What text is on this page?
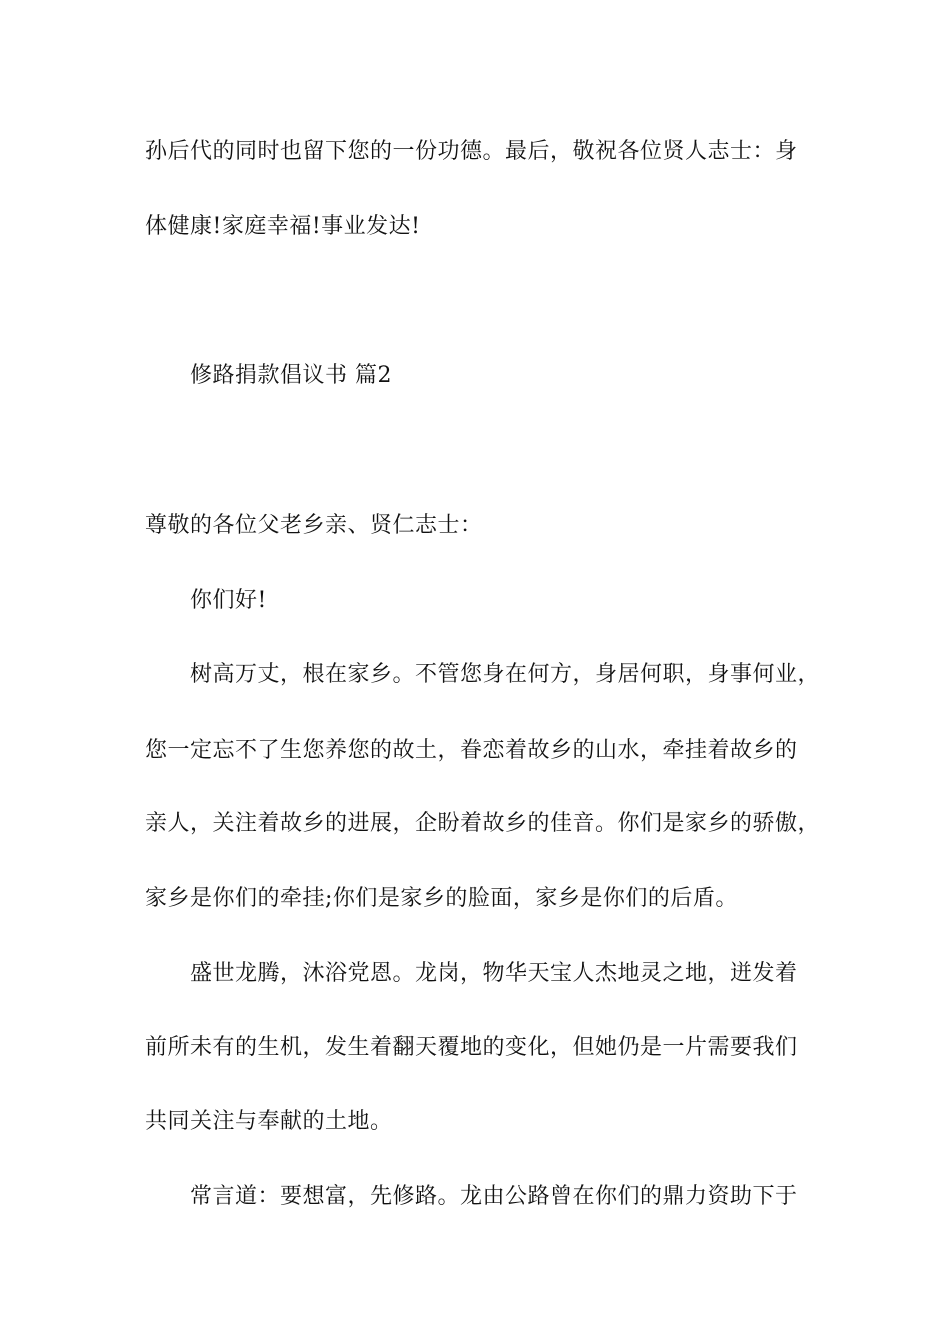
孙后代的同时也留下您的一份功德。最后，敬祝各位贤人志士：身
体健康!家庭幸福!事业发达!
修路捐款倡议书 篇2
尊敬的各位父老乡亲、贤仁志士：
你们好!
树高万丈，根在家乡。不管您身在何方，身居何职，身事何业，
您一定忘不了生您养您的故土，眷恋着故乡的山水，牵挂着故乡的
亲人，关注着故乡的进展，企盼着故乡的佳音。你们是家乡的骄傲，
家乡是你们的牵挂;你们是家乡的脸面，家乡是你们的后盾。
盛世龙腾，沐浴党恩。龙岗，物华天宝人杰地灵之地，迸发着
前所未有的生机，发生着翻天覆地的变化，但她仍是一片需要我们
共同关注与奉献的土地。
常言道：要想富，先修路。龙由公路曾在你们的鼎力资助下于
